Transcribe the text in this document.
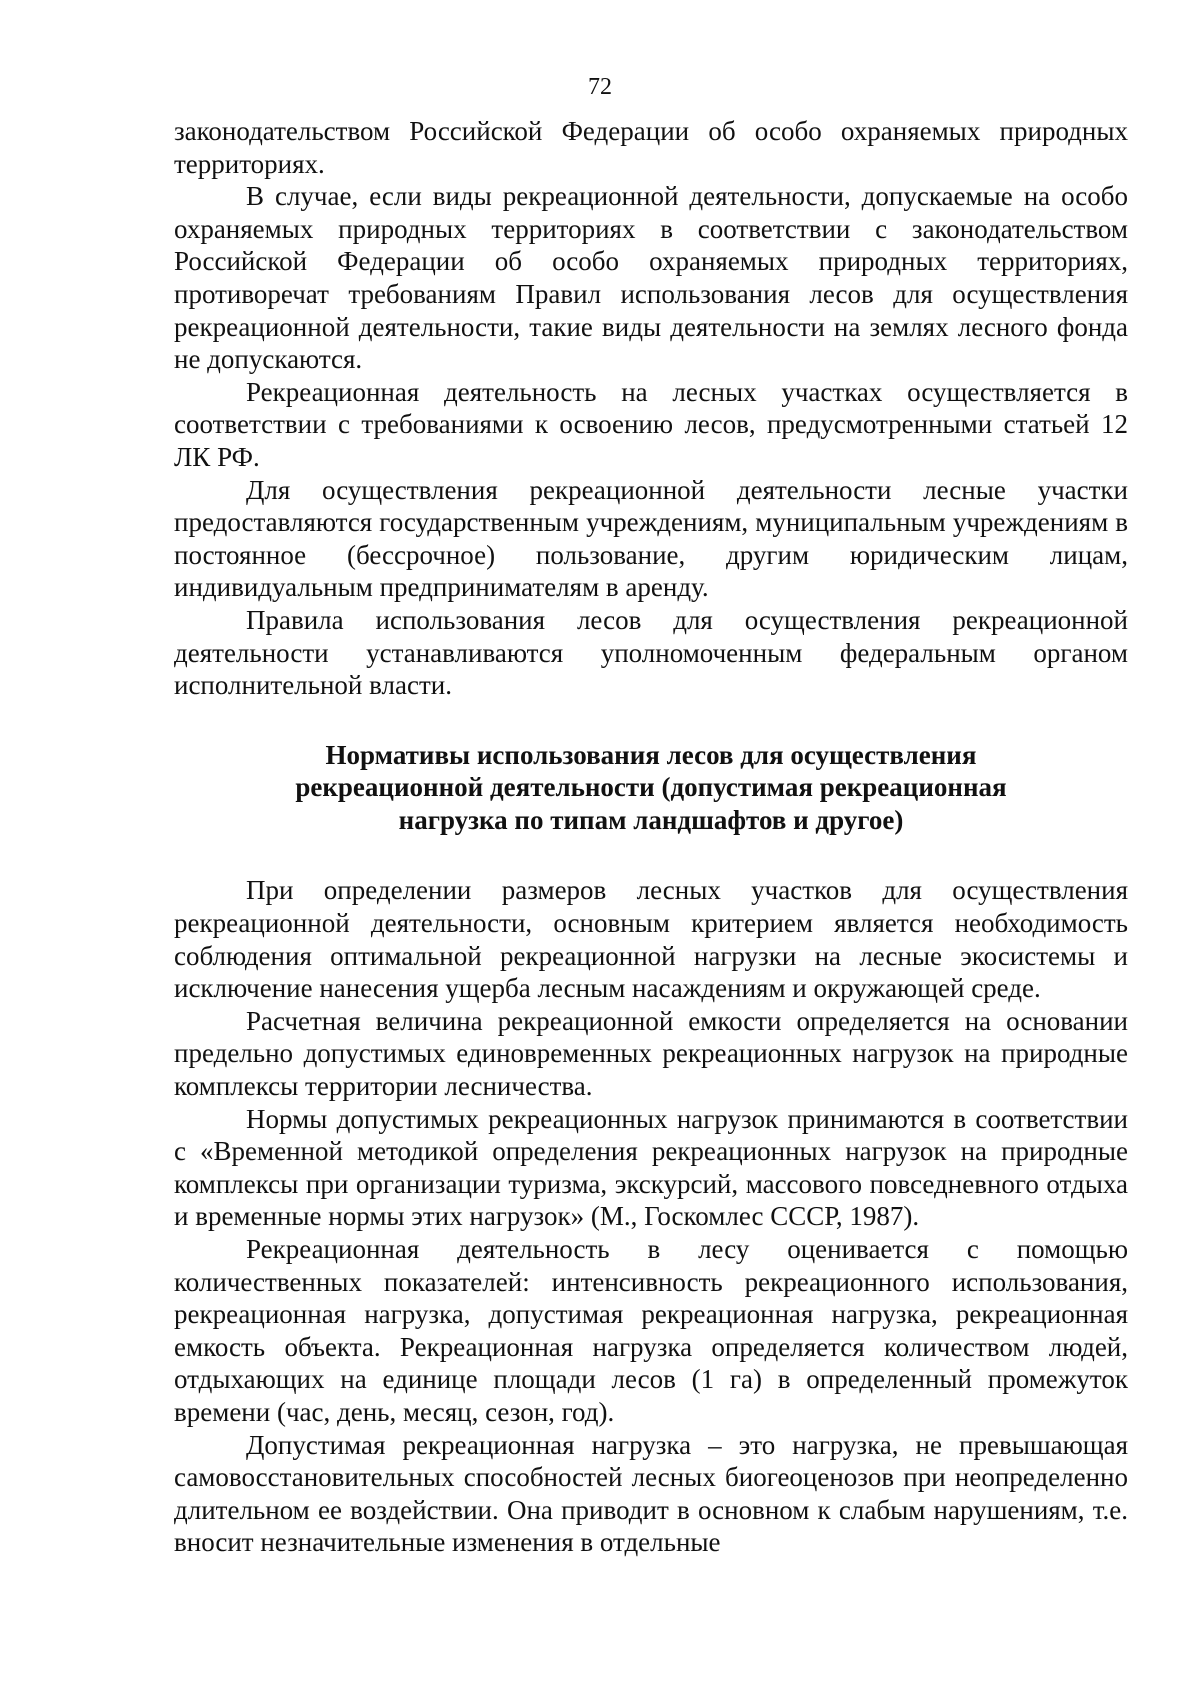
72

законодательством Российской Федерации об особо охраняемых природных территориях.

В случае, если виды рекреационной деятельности, допускаемые на особо охраняемых природных территориях в соответствии с законодательством Российской Федерации об особо охраняемых природных территориях, противоречат требованиям Правил использования лесов для осуществления рекреационной деятельности, такие виды деятельности на землях лесного фонда не допускаются.

Рекреационная деятельность на лесных участках осуществляется в соответствии с требованиями к освоению лесов, предусмотренными статьей 12 ЛК РФ.

Для осуществления рекреационной деятельности лесные участки предоставляются государственным учреждениям, муниципальным учреждениям в постоянное (бессрочное) пользование, другим юридическим лицам, индивидуальным предпринимателям в аренду.

Правила использования лесов для осуществления рекреационной деятельности устанавливаются уполномоченным федеральным органом исполнительной власти.

Нормативы использования лесов для осуществления
рекреационной деятельности (допустимая рекреационная
нагрузка по типам ландшафтов и другое)

При определении размеров лесных участков для осуществления рекреационной деятельности, основным критерием является необходимость соблюдения оптимальной рекреационной нагрузки на лесные экосистемы и исключение нанесения ущерба лесным насаждениям и окружающей среде.

Расчетная величина рекреационной емкости определяется на основании предельно допустимых единовременных рекреационных нагрузок на природные комплексы территории лесничества.

Нормы допустимых рекреационных нагрузок принимаются в соответствии с «Временной методикой определения рекреационных нагрузок на природные комплексы при организации туризма, экскурсий, массового повседневного отдыха и временные нормы этих нагрузок» (М., Госкомлес СССР, 1987).

Рекреационная деятельность в лесу оценивается с помощью количественных показателей: интенсивность рекреационного использования, рекреационная нагрузка, допустимая рекреационная нагрузка, рекреационная емкость объекта. Рекреационная нагрузка определяется количеством людей, отдыхающих на единице площади лесов (1 га) в определенный промежуток времени (час, день, месяц, сезон, год).

Допустимая рекреационная нагрузка – это нагрузка, не превышающая самовосстановительных способностей лесных биогеоценозов при неопределенно длительном ее воздействии. Она приводит в основном к слабым нарушениям, т.е. вносит незначительные изменения в отдельные
